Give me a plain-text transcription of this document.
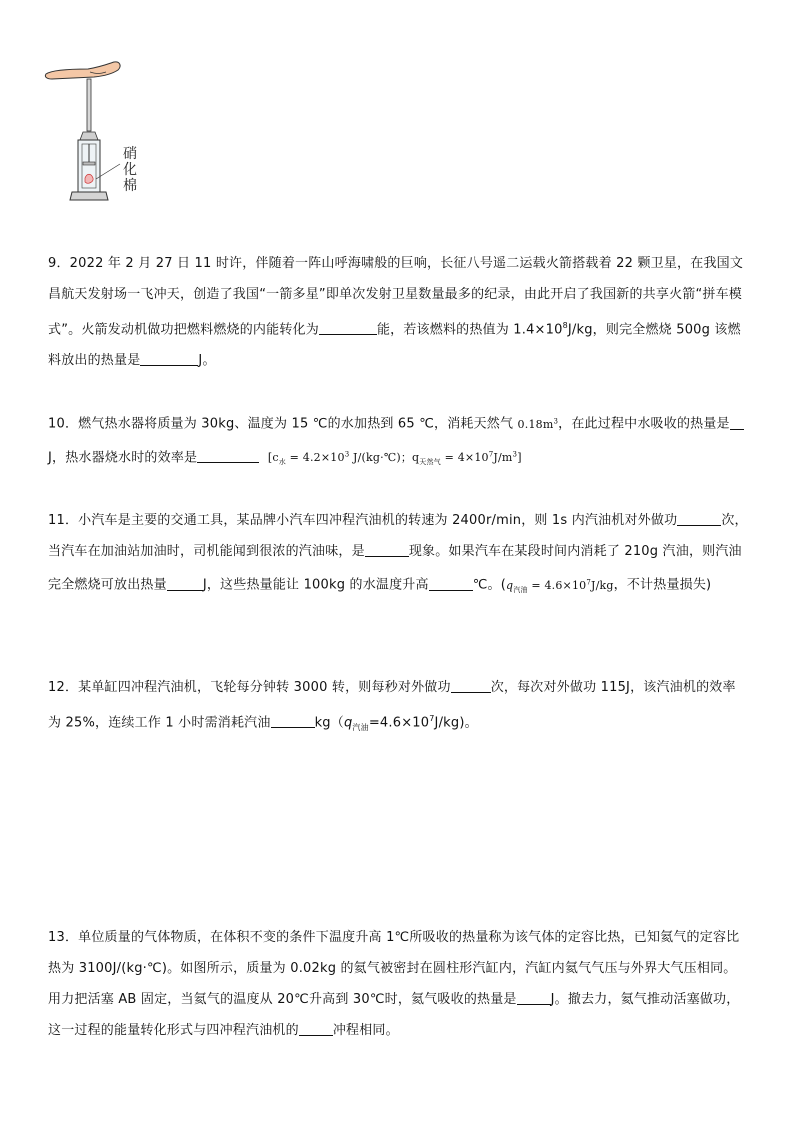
硝
化
棉
9．2022 年 2 月 27 日 11 时许，伴随着一阵山呼海啸般的巨响，长征八号遥二运载火箭搭载着 22 颗卫星，在我国文昌航天发射场一飞冲天，创造了我国“一箭多星”即单次发射卫星数量最多的纪录，由此开启了我国新的共享火箭“拼车模式”。火箭发动机做功把燃料燃烧的内能转化为	能，若该燃料的热值为 $1.4\times 10^8J/kg$，则完全燃烧 500g 该燃料放出的热量是	J。
10．燃气热水器将质量为 30kg、温度为 15 ℃的水加热到 65 ℃，消耗天然气 $0.18m^3$，在此过程中水吸收的热量是J，热水器烧水时的效率是	[$c_水 = 4.2\times 10^3$ J/(kg·℃)；$q_{天然气} = 4\times 10^7J/m^3$]
11．小汽车是主要的交通工具，某品牌小汽车四冲程汽油机的转速为 2400r/min，则 1s 内汽油机对外做功	次，当汽车在加油站加油时，司机能闻到很浓的汽油味，是	现象。如果汽车在某段时间内消耗了 210g 汽油，则汽油完全燃烧可放出热量	J，这些热量能让 100kg 的水温度升高	℃。($q_{汽油} = 4.6\times 10^7J/kg$，不计热量损失)
12．某单缸四冲程汽油机，飞轮每分钟转 3000 转，则每秒对外做功	次，每次对外做功 115J，该汽油机的效率为 25%，连续工作 1 小时需消耗汽油	$kg(q_{汽油}=4.6\times 10^7J/kg)$。
13．单位质量的气体物质，在体积不变的条件下温度升高 1℃所吸收的热量称为该气体的定容比热，已知氦气的定容比热为 3100J/(kg·℃)。如图所示，质量为 0.02kg 的氦气被密封在圆柱形汽缸内，汽缸内氦气气压与外界大气压相同。用力把活塞 AB 固定，当氦气的温度从 20℃升高到 30℃时，氦气吸收的热量是	J。撤去力，氦气推动活塞做功，这一过程的能量转化形式与四冲程汽油机的	冲程相同。
